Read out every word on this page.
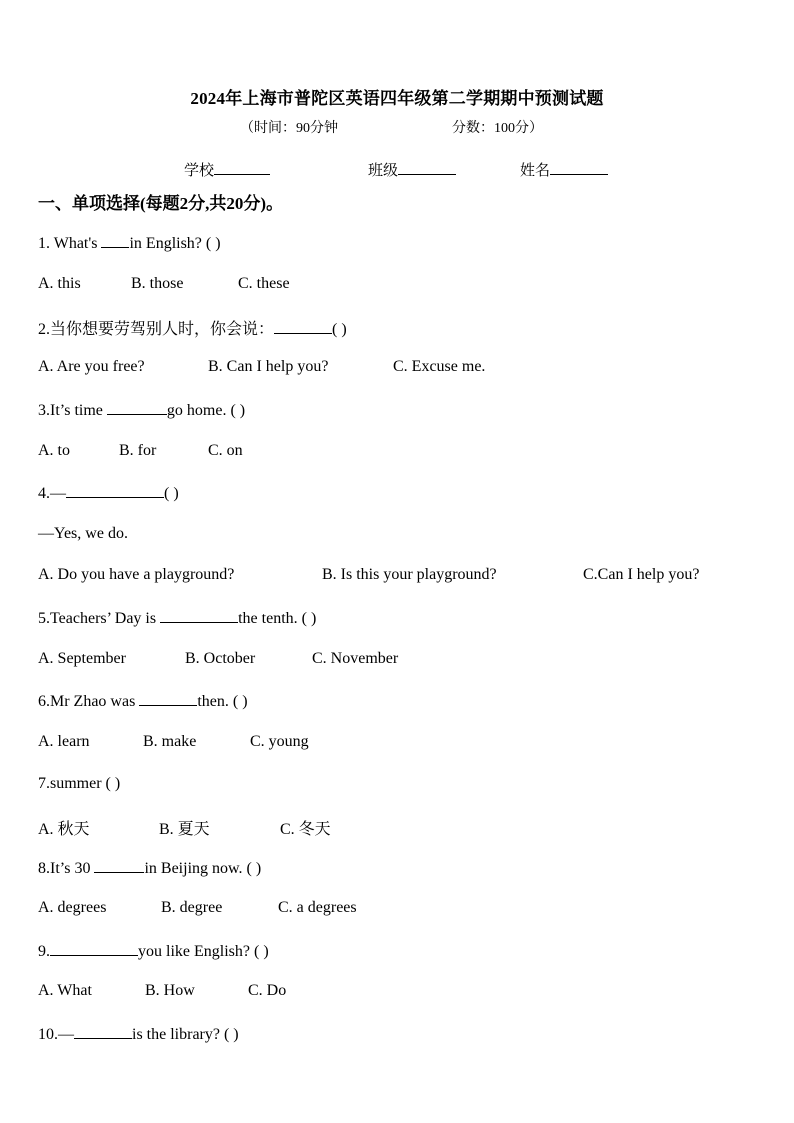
2024年上海市普陀区英语四年级第二学期期中预测试题
（时间：90分钟	分数：100分）
学校	班级	姓名
一、单项选择(每题2分,共20分)。
1. What's in English? ( )
A. this	B. those	C. these
2.当你想要劳驾别人时，你会说：	( )
A. Are you free?	B. Can I help you?	C. Excuse me.
3.It’s time	go home. ( )
A. to	B. for	C. on
4.—	( )
—Yes, we do.
A. Do you have a playground?	B. Is this your playground?	C.Can I help you?
5.Teachers’ Day is	the tenth. ( )
A. September	B. October	C. November
6.Mr Zhao was	then. ( )
A. learn	B. make	C. young
7.summer ( )
A. 秋天	B. 夏天	C. 冬天
8.It’s 30	in Beijing now. ( )
A. degrees	B. degree	C. a degrees
9.	you like English? ( )
A. What	B. How	C. Do
10.—	is the library? ( )
